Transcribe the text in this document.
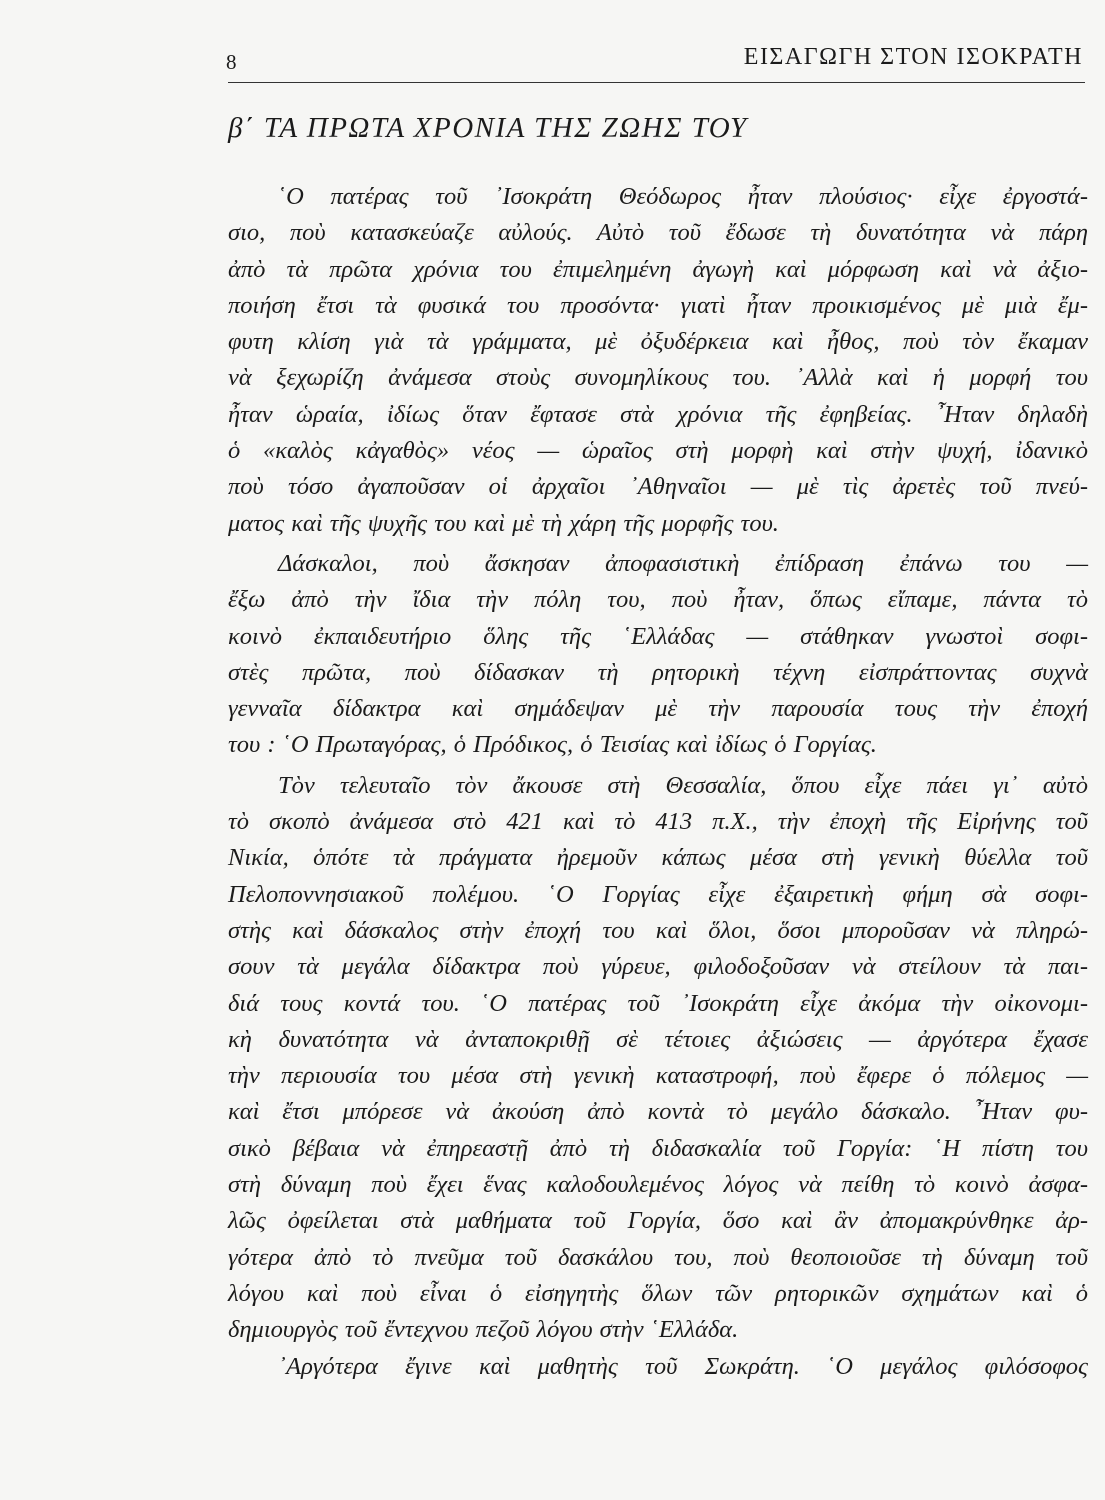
8	ΕΙΣΑΓΩΓΗ ΣΤΟΝ ΙΣΟΚΡΑΤΗ
β΄ ΤΑ ΠΡΩΤΑ ΧΡΟΝΙΑ ΤΗΣ ΖΩΗΣ ΤΟΥ
῾Ο πατέρας τοῦ ᾿Ισοκράτη Θεόδωρος ἦταν πλούσιος· εἶχε ἐργοστά-
σιο, ποὺ κατασκεύαζε αὐλούς. Αὐτὸ τοῦ ἔδωσε τὴ δυνατότητα νὰ πάρη
ἀπὸ τὰ πρῶτα χρόνια του ἐπιμελημένη ἀγωγὴ καὶ μόρφωση καὶ νὰ ἀξιο-
ποιήση ἔτσι τὰ φυσικά του προσόντα· γιατὶ ἦταν προικισμένος μὲ μιὰ ἔμ-
φυτη κλίση γιὰ τὰ γράμματα, μὲ ὀξυδέρκεια καὶ ἦθος, ποὺ τὸν ἔκαμαν
νὰ ξεχωρίζη ἀνάμεσα στοὺς συνομηλίκους του. ᾿Αλλὰ καὶ ἡ μορφή του
ἦταν ὡραία, ἰδίως ὅταν ἔφτασε στὰ χρόνια τῆς ἐφηβείας. ῏Ηταν δηλαδὴ
ὁ «καλὸς κἀγαθὸς» νέος — ὡραῖος στὴ μορφὴ καὶ στὴν ψυχή, ἰδανικὸ
ποὺ τόσο ἀγαποῦσαν οἱ ἀρχαῖοι ᾿Αθηναῖοι — μὲ τὶς ἀρετὲς τοῦ πνεύ-
ματος καὶ τῆς ψυχῆς του καὶ μὲ τὴ χάρη τῆς μορφῆς του.
Δάσκαλοι, ποὺ ἄσκησαν ἀποφασιστικὴ ἐπίδραση ἐπάνω του —
ἔξω ἀπὸ τὴν ἴδια τὴν πόλη του, ποὺ ἦταν, ὅπως εἴπαμε, πάντα τὸ
κοινὸ ἐκπαιδευτήριο ὅλης τῆς ῾Ελλάδας — στάθηκαν γνωστοὶ σοφι-
στὲς πρῶτα, ποὺ δίδασκαν τὴ ρητορικὴ τέχνη εἰσπράττοντας συχνὰ
γενναῖα δίδακτρα καὶ σημάδεψαν μὲ τὴν παρουσία τους τὴν ἐποχή
του : ῾Ο Πρωταγόρας, ὁ Πρόδικος, ὁ Τεισίας καὶ ἰδίως ὁ Γοργίας.
Τὸν τελευταῖο τὸν ἄκουσε στὴ Θεσσαλία, ὅπου εἶχε πάει γι᾿ αὐτὸ
τὸ σκοπὸ ἀνάμεσα στὸ 421 καὶ τὸ 413 π.Χ., τὴν ἐποχὴ τῆς Εἰρήνης τοῦ
Νικία, ὁπότε τὰ πράγματα ἠρεμοῦν κάπως μέσα στὴ γενικὴ θύελλα τοῦ
Πελοποννησιακοῦ πολέμου. ῾Ο Γοργίας εἶχε ἐξαιρετικὴ φήμη σὰ σοφι-
στὴς καὶ δάσκαλος στὴν ἐποχή του καὶ ὅλοι, ὅσοι μποροῦσαν νὰ πληρώ-
σουν τὰ μεγάλα δίδακτρα ποὺ γύρευε, φιλοδοξοῦσαν νὰ στείλουν τὰ παι-
διά τους κοντά του. ῾Ο πατέρας τοῦ ᾿Ισοκράτη εἶχε ἀκόμα τὴν οἰκονομι-
κὴ δυνατότητα νὰ ἀνταποκριθῇ σὲ τέτοιες ἀξιώσεις — ἀργότερα ἔχασε
τὴν περιουσία του μέσα στὴ γενικὴ καταστροφή, ποὺ ἔφερε ὁ πόλεμος —
καὶ ἔτσι μπόρεσε νὰ ἀκούση ἀπὸ κοντὰ τὸ μεγάλο δάσκαλο. ῏Ηταν φυ-
σικὸ βέβαια νὰ ἐπηρεαστῇ ἀπὸ τὴ διδασκαλία τοῦ Γοργία: ῾Η πίστη του
στὴ δύναμη ποὺ ἔχει ἕνας καλοδουλεμένος λόγος νὰ πείθη τὸ κοινὸ ἀσφα-
λῶς ὀφείλεται στὰ μαθήματα τοῦ Γοργία, ὅσο καὶ ἂν ἀπομακρύνθηκε ἀρ-
γότερα ἀπὸ τὸ πνεῦμα τοῦ δασκάλου του, ποὺ θεοποιοῦσε τὴ δύναμη τοῦ
λόγου καὶ ποὺ εἶναι ὁ εἰσηγητὴς ὅλων τῶν ρητορικῶν σχημάτων καὶ ὁ
δημιουργὸς τοῦ ἔντεχνου πεζοῦ λόγου στὴν ῾Ελλάδα.
᾿Αργότερα ἔγινε καὶ μαθητὴς τοῦ Σωκράτη. ῾Ο μεγάλος φιλόσοφος
